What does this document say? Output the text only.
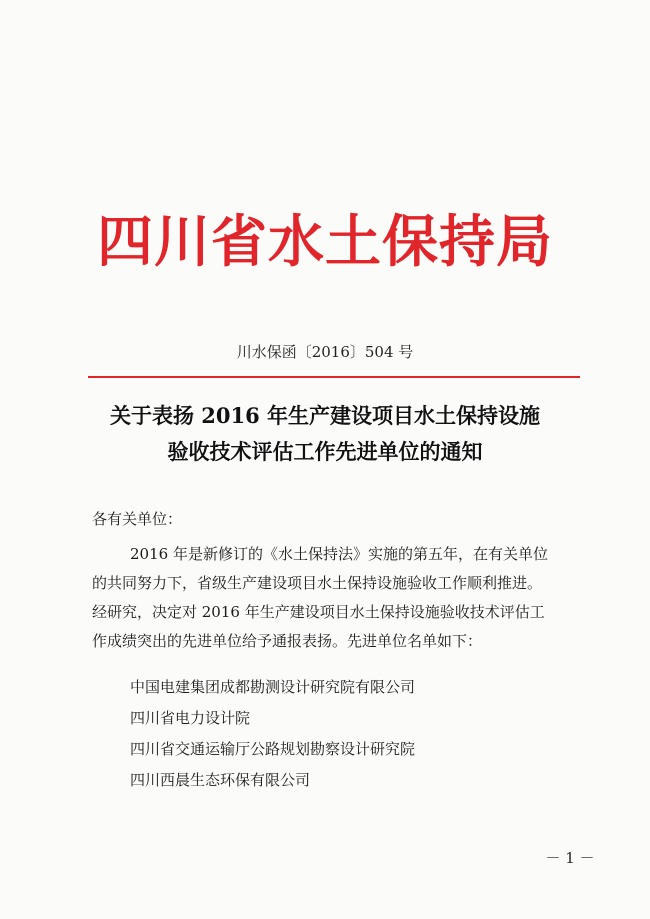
四川省水土保持局
川水保函〔2016〕504 号
关于表扬 2016 年生产建设项目水土保持设施
验收技术评估工作先进单位的通知
各有关单位：
2016 年是新修订的《水土保持法》实施的第五年，在有关单位
的共同努力下，省级生产建设项目水土保持设施验收工作顺利推进。
经研究，决定对 2016 年生产建设项目水土保持设施验收技术评估工
作成绩突出的先进单位给予通报表扬。先进单位名单如下：
中国电建集团成都勘测设计研究院有限公司
四川省电力设计院
四川省交通运输厅公路规划勘察设计研究院
四川西晨生态环保有限公司
－ 1 －
